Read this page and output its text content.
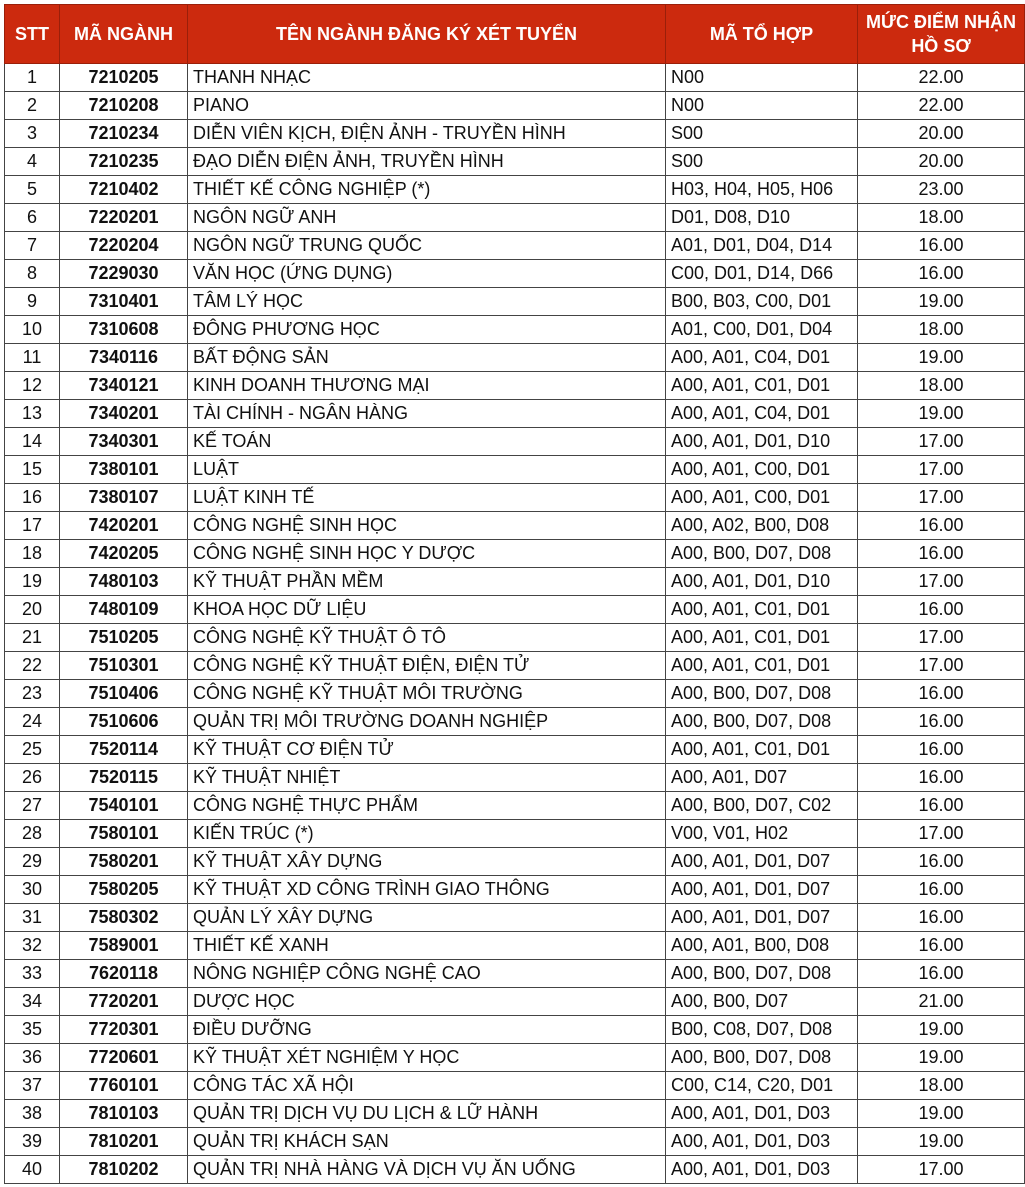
STT	MÃ NGÀNH	TÊN NGÀNH ĐĂNG KÝ XÉT TUYỂN	MÃ TỔ HỢP	MỨC ĐIỂM NHẬN HỒ SƠ
1	7210205	THANH NHẠC	N00	22.00
2	7210208	PIANO	N00	22.00
3	7210234	DIỄN VIÊN KỊCH, ĐIỆN ẢNH - TRUYỀN HÌNH	S00	20.00
4	7210235	ĐẠO DIỄN ĐIỆN ẢNH, TRUYỀN HÌNH	S00	20.00
5	7210402	THIẾT KẾ CÔNG NGHIỆP (*)	H03, H04, H05, H06	23.00
6	7220201	NGÔN NGỮ ANH	D01, D08, D10	18.00
7	7220204	NGÔN NGỮ TRUNG QUỐC	A01, D01, D04, D14	16.00
8	7229030	VĂN HỌC (ỨNG DỤNG)	C00, D01, D14, D66	16.00
9	7310401	TÂM LÝ HỌC	B00, B03, C00, D01	19.00
10	7310608	ĐÔNG PHƯƠNG HỌC	A01, C00, D01, D04	18.00
11	7340116	BẤT ĐỘNG SẢN	A00, A01, C04, D01	19.00
12	7340121	KINH DOANH THƯƠNG MẠI	A00, A01, C01, D01	18.00
13	7340201	TÀI CHÍNH - NGÂN HÀNG	A00, A01, C04, D01	19.00
14	7340301	KẾ TOÁN	A00, A01, D01, D10	17.00
15	7380101	LUẬT	A00, A01, C00, D01	17.00
16	7380107	LUẬT KINH TẾ	A00, A01, C00, D01	17.00
17	7420201	CÔNG NGHỆ SINH HỌC	A00, A02, B00, D08	16.00
18	7420205	CÔNG NGHỆ SINH HỌC Y DƯỢC	A00, B00, D07, D08	16.00
19	7480103	KỸ THUẬT PHẦN MỀM	A00, A01, D01, D10	17.00
20	7480109	KHOA HỌC DỮ LIỆU	A00, A01, C01, D01	16.00
21	7510205	CÔNG NGHỆ KỸ THUẬT Ô TÔ	A00, A01, C01, D01	17.00
22	7510301	CÔNG NGHỆ KỸ THUẬT ĐIỆN, ĐIỆN TỬ	A00, A01, C01, D01	17.00
23	7510406	CÔNG NGHỆ KỸ THUẬT MÔI TRƯỜNG	A00, B00, D07, D08	16.00
24	7510606	QUẢN TRỊ MÔI TRƯỜNG DOANH NGHIỆP	A00, B00, D07, D08	16.00
25	7520114	KỸ THUẬT CƠ ĐIỆN TỬ	A00, A01, C01, D01	16.00
26	7520115	KỸ THUẬT NHIỆT	A00, A01, D07	16.00
27	7540101	CÔNG NGHỆ THỰC PHẨM	A00, B00, D07, C02	16.00
28	7580101	KIẾN TRÚC (*)	V00, V01, H02	17.00
29	7580201	KỸ THUẬT XÂY DỰNG	A00, A01, D01, D07	16.00
30	7580205	KỸ THUẬT XD CÔNG TRÌNH GIAO THÔNG	A00, A01, D01, D07	16.00
31	7580302	QUẢN LÝ XÂY DỰNG	A00, A01, D01, D07	16.00
32	7589001	THIẾT KẾ XANH	A00, A01, B00, D08	16.00
33	7620118	NÔNG NGHIỆP CÔNG NGHỆ CAO	A00, B00, D07, D08	16.00
34	7720201	DƯỢC HỌC	A00, B00, D07	21.00
35	7720301	ĐIỀU DƯỠNG	B00, C08, D07, D08	19.00
36	7720601	KỸ THUẬT XÉT NGHIỆM Y HỌC	A00, B00, D07, D08	19.00
37	7760101	CÔNG TÁC XÃ HỘI	C00, C14, C20, D01	18.00
38	7810103	QUẢN TRỊ DỊCH VỤ DU LỊCH & LỮ HÀNH	A00, A01, D01, D03	19.00
39	7810201	QUẢN TRỊ KHÁCH SẠN	A00, A01, D01, D03	19.00
40	7810202	QUẢN TRỊ NHÀ HÀNG VÀ DỊCH VỤ ĂN UỐNG	A00, A01, D01, D03	17.00
